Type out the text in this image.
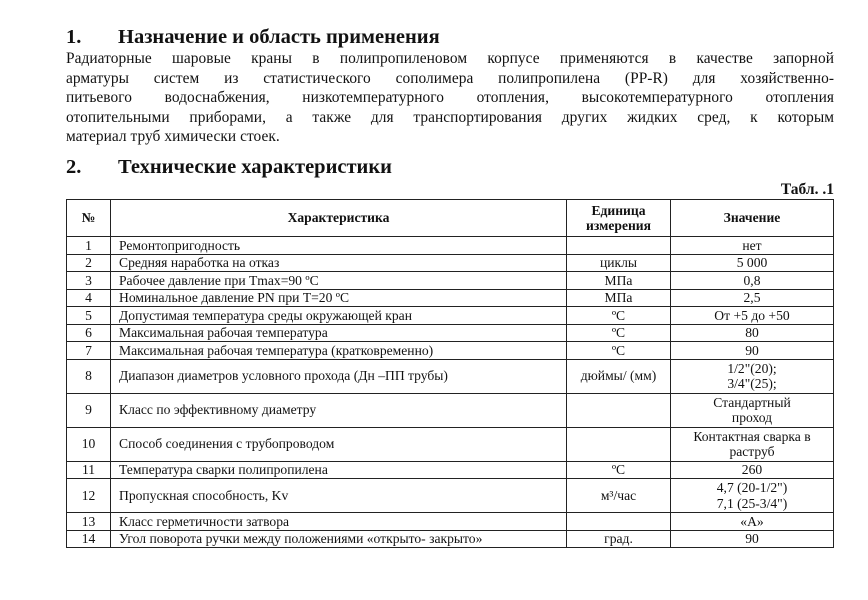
1. Назначение и область применения
Радиаторные шаровые краны в полипропиленовом корпусе применяются в качестве запорной
арматуры систем из статистического сополимера полипропилена (PP-R) для хозяйственно-
питьевого водоснабжения, низкотемпературного отопления, высокотемпературного отопления
отопительными приборами, а также для транспортирования других жидких сред, к которым
материал труб химически стоек.
2. Технические характеристики
Табл. .1
№	Характеристика	Единица измерения	Значение
1	Ремонтопригодность		нет
2	Средняя наработка на отказ	циклы	5 000
3	Рабочее давление при Tmax=90 ºC	МПа	0,8
4	Номинальное давление PN при T=20 ºC	МПа	2,5
5	Допустимая температура среды окружающей кран	ºC	От +5 до +50
6	Максимальная рабочая температура	ºC	80
7	Максимальная рабочая температура (кратковременно)	ºC	90
8	Диапазон диаметров условного прохода (Дн –ПП трубы)	дюймы/ (мм)	1/2"(20);
3/4"(25);

9	Класс по эффективному диаметру		Стандартный
проход

10	Способ соединения с трубопроводом		Контактная сварка в
раструб

11	Температура сварки полипропилена	ºC	260
12	Пропускная способность, Kv	м³/час	4,7 (20-1/2")
7,1 (25-3/4")

13	Класс герметичности затвора		«А»
14	Угол поворота ручки между положениями «открыто- закрыто»	град.	90
